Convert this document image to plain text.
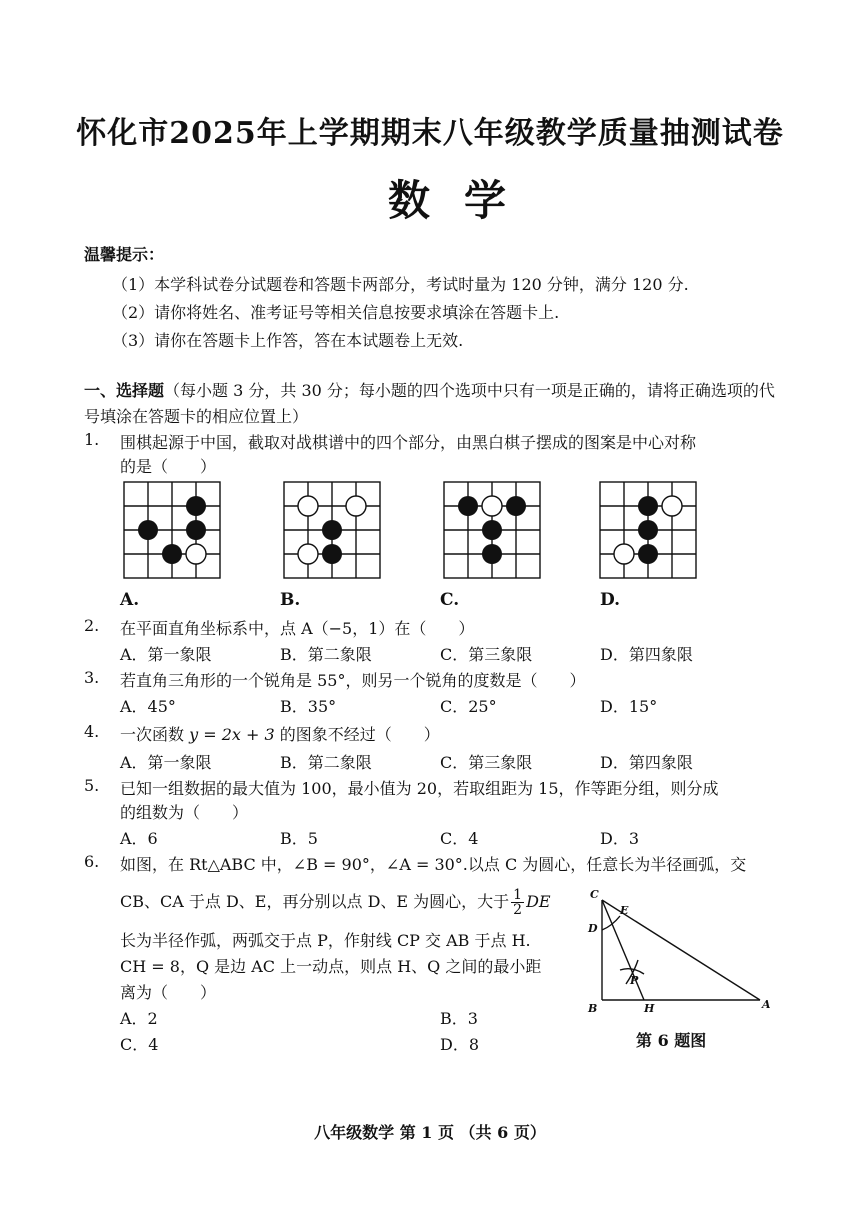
怀化市2025年上学期期末八年级教学质量抽测试卷
数学
温馨提示：
（1）本学科试卷分试题卷和答题卡两部分，考试时量为 120 分钟，满分 120 分.
（2）请你将姓名、准考证号等相关信息按要求填涂在答题卡上.
（3）请你在答题卡上作答，答在本试题卷上无效.
一、选择题（每小题 3 分，共 30 分；每小题的四个选项中只有一项是正确的，请将正确选项的代号填涂在答题卡的相应位置上）
1. 围棋起源于中国，截取对战棋谱中的四个部分，由黑白棋子摆成的图案是中心对称
的是（　　）
A.	B.	C.	D.
2. 在平面直角坐标系中，点 A（−5，1）在（　　）
A．第一象限	B．第二象限	C．第三象限	D．第四象限
3. 若直角三角形的一个锐角是 55°，则另一个锐角的度数是（　　）
A．45°	B．35°	C．25°	D．15°
4. 一次函数 y = 2x + 3 的图象不经过（　　）
A．第一象限	B．第二象限	C．第三象限	D．第四象限
5. 已知一组数据的最大值为 100，最小值为 20，若取组距为 15，作等距分组，则分成
的组数为（　　）
A．6	B．5	C．4	D．3
6. 如图，在 Rt△ABC 中，∠B = 90°，∠A = 30°.以点 C 为圆心，任意长为半径画弧，交
CB、CA 于点 D、E，再分别以点 D、E 为圆心，大于 $\frac{1}{2}$ DE
长为半径作弧，两弧交于点 P，作射线 CP 交 AB 于点 H.
CH = 8，Q 是边 AC 上一动点，则点 H、Q 之间的最小距
离为（　　）
A．2	B．3
C．4	D．8
C
E
D
P
B	H	A
第 6 题图
八年级数学 第 1 页 （共 6 页）
